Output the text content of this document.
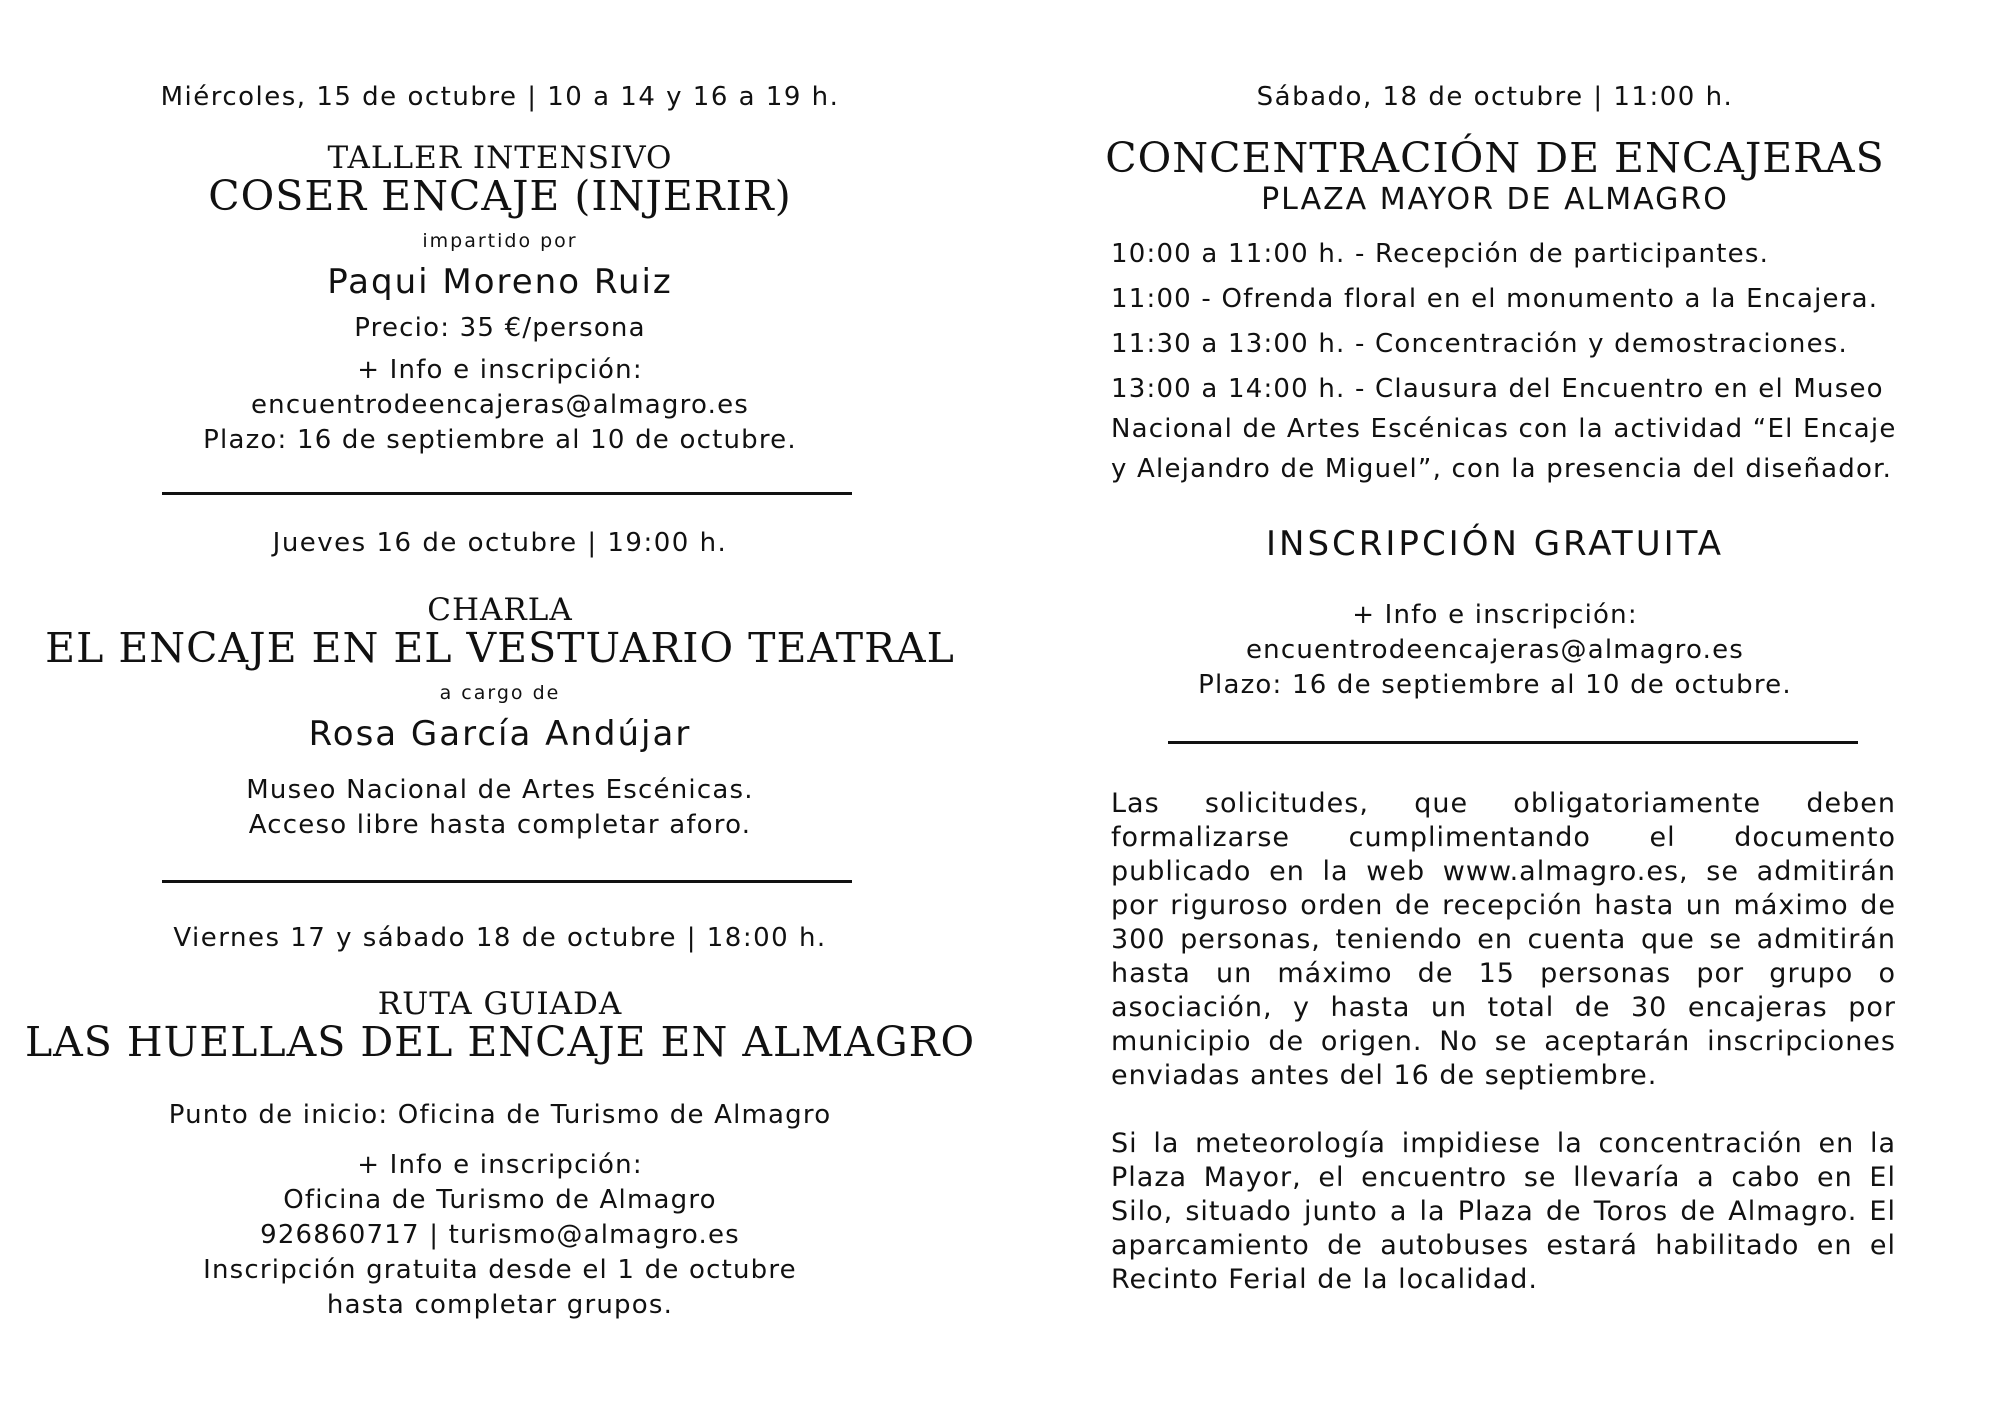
Miércoles, 15 de octubre | 10 a 14 y 16 a 19 h.
TALLER INTENSIVO
COSER ENCAJE (INJERIR)
impartido por
Paqui Moreno Ruiz
Precio: 35 €/persona
+ Info e inscripción:
encuentrodeencajeras@almagro.es
Plazo: 16 de septiembre al 10 de octubre.
Jueves 16 de octubre | 19:00 h.
CHARLA
EL ENCAJE EN EL VESTUARIO TEATRAL
a cargo de
Rosa García Andújar
Museo Nacional de Artes Escénicas.
Acceso libre hasta completar aforo.
Viernes 17 y sábado 18 de octubre | 18:00 h.
RUTA GUIADA
LAS HUELLAS DEL ENCAJE EN ALMAGRO
Punto de inicio: Oficina de Turismo de Almagro
+ Info e inscripción:
Oficina de Turismo de Almagro
926860717 | turismo@almagro.es
Inscripción gratuita desde el 1 de octubre
hasta completar grupos.
Sábado, 18 de octubre | 11:00 h.
CONCENTRACIÓN DE ENCAJERAS
PLAZA MAYOR DE ALMAGRO
10:00 a 11:00 h. - Recepción de participantes.
11:00 - Ofrenda floral en el monumento a la Encajera.
11:30 a 13:00 h. - Concentración y demostraciones.
13:00 a 14:00 h. - Clausura del Encuentro en el Museo
Nacional de Artes Escénicas con la actividad “El Encaje
y Alejandro de Miguel”, con la presencia del diseñador.
INSCRIPCIÓN GRATUITA
+ Info e inscripción:
encuentrodeencajeras@almagro.es
Plazo: 16 de septiembre al 10 de octubre.
Las solicitudes, que obligatoriamente deben formalizarse cumplimentando el documento publicado en la web www.almagro.es, se admitirán por riguroso orden de recepción hasta un máximo de 300 personas, teniendo en cuenta que se admitirán hasta un máximo de 15 personas por grupo o asociación, y hasta un total de 30 encajeras por municipio de origen. No se aceptarán inscripciones enviadas antes del 16 de septiembre.
Si la meteorología impidiese la concentración en la Plaza Mayor, el encuentro se llevaría a cabo en El Silo, situado junto a la Plaza de Toros de Almagro. El aparcamiento de autobuses estará habilitado en el Recinto Ferial de la localidad.
